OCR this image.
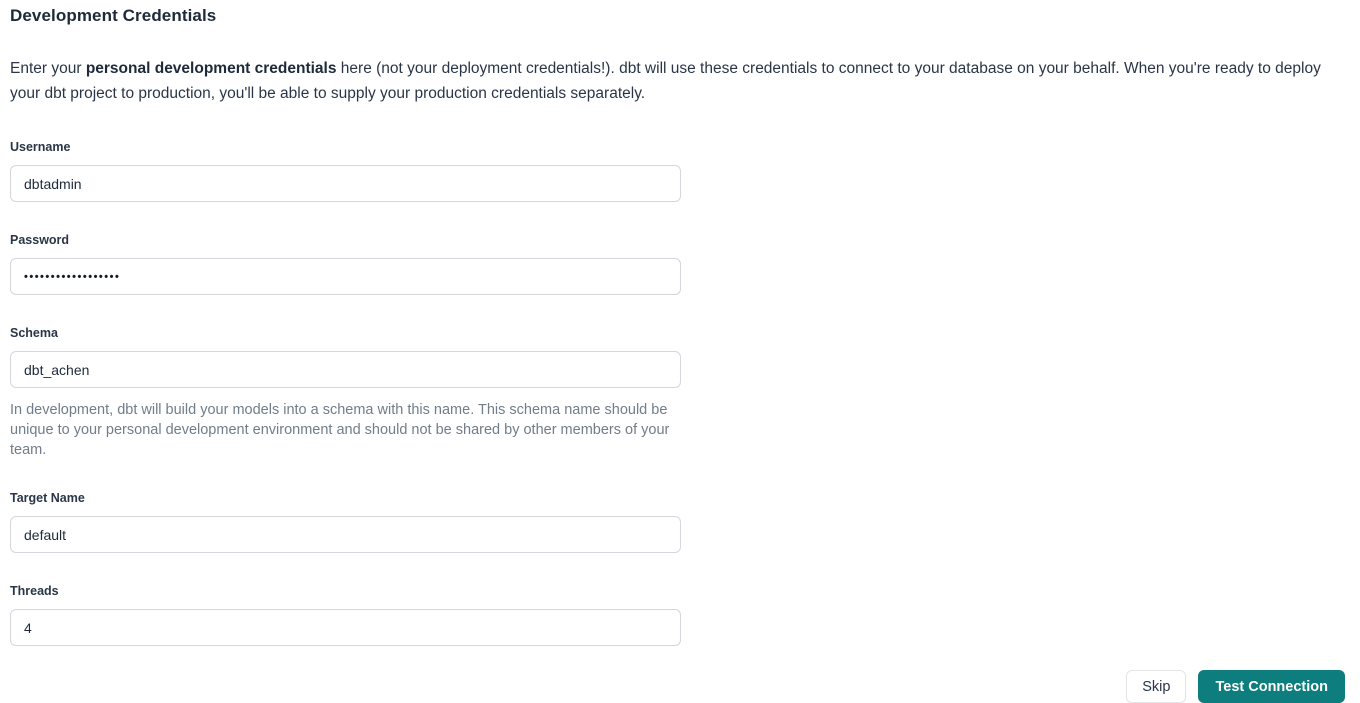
Development Credentials

Enter your personal development credentials here (not your deployment credentials!). dbt will use these credentials to connect to your database on your behalf. When you're ready to deploy your dbt project to production, you'll be able to supply your production credentials separately.

Username
dbtadmin
Password
••••••••••••••••••
Schema
dbt_achen
In development, dbt will build your models into a schema with this name. This schema name should be unique to your personal development environment and should not be shared by other members of your team.
Target Name
default
Threads
4
Skip	Test Connection
